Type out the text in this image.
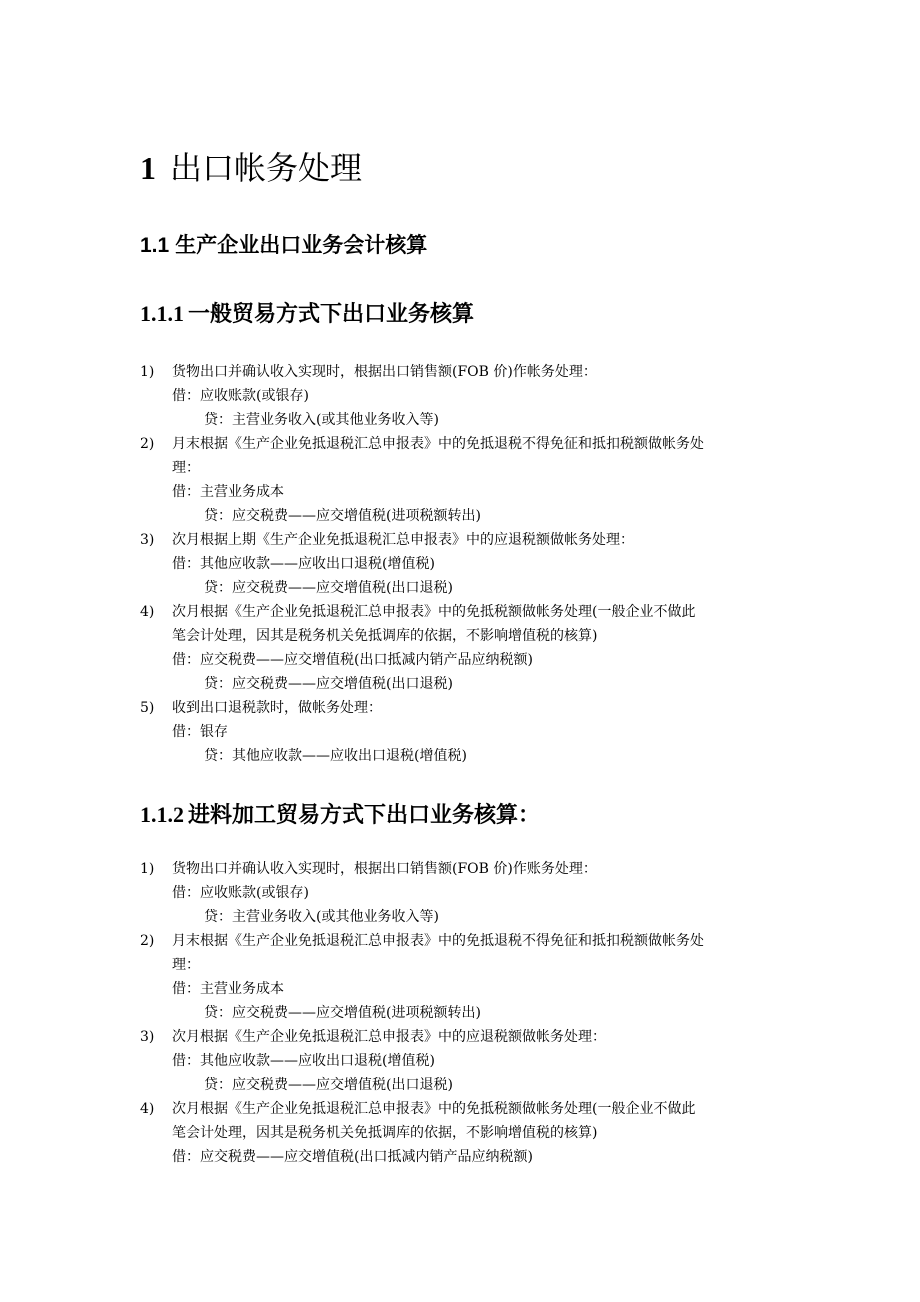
1 出口帐务处理
1.1 生产企业出口业务会计核算
1.1.1 一般贸易方式下出口业务核算
1)	货物出口并确认收入实现时，根据出口销售额(FOB 价)作帐务处理：
借：应收账款(或银存)
贷：主营业务收入(或其他业务收入等)
2)	月末根据《生产企业免抵退税汇总申报表》中的免抵退税不得免征和抵扣税额做帐务处
理：
借：主营业务成本
贷：应交税费——应交增值税(进项税额转出)
3)	次月根据上期《生产企业免抵退税汇总申报表》中的应退税额做帐务处理：
借：其他应收款——应收出口退税(增值税)
贷：应交税费——应交增值税(出口退税)
4)	次月根据《生产企业免抵退税汇总申报表》中的免抵税额做帐务处理(一般企业不做此
笔会计处理，因其是税务机关免抵调库的依据，不影响增值税的核算)
借：应交税费——应交增值税(出口抵减内销产品应纳税额)
贷：应交税费——应交增值税(出口退税)
5)	收到出口退税款时，做帐务处理：
借：银存
贷：其他应收款——应收出口退税(增值税)
1.1.2 进料加工贸易方式下出口业务核算：
1)	货物出口并确认收入实现时，根据出口销售额(FOB 价)作账务处理：
借：应收账款(或银存)
贷：主营业务收入(或其他业务收入等)
2)	月末根据《生产企业免抵退税汇总申报表》中的免抵退税不得免征和抵扣税额做帐务处
理：
借：主营业务成本
贷：应交税费——应交增值税(进项税额转出)
3)	次月根据《生产企业免抵退税汇总申报表》中的应退税额做帐务处理：
借：其他应收款——应收出口退税(增值税)
贷：应交税费——应交增值税(出口退税)
4)	次月根据《生产企业免抵退税汇总申报表》中的免抵税额做帐务处理(一般企业不做此
笔会计处理，因其是税务机关免抵调库的依据，不影响增值税的核算)
借：应交税费——应交增值税(出口抵减内销产品应纳税额)
